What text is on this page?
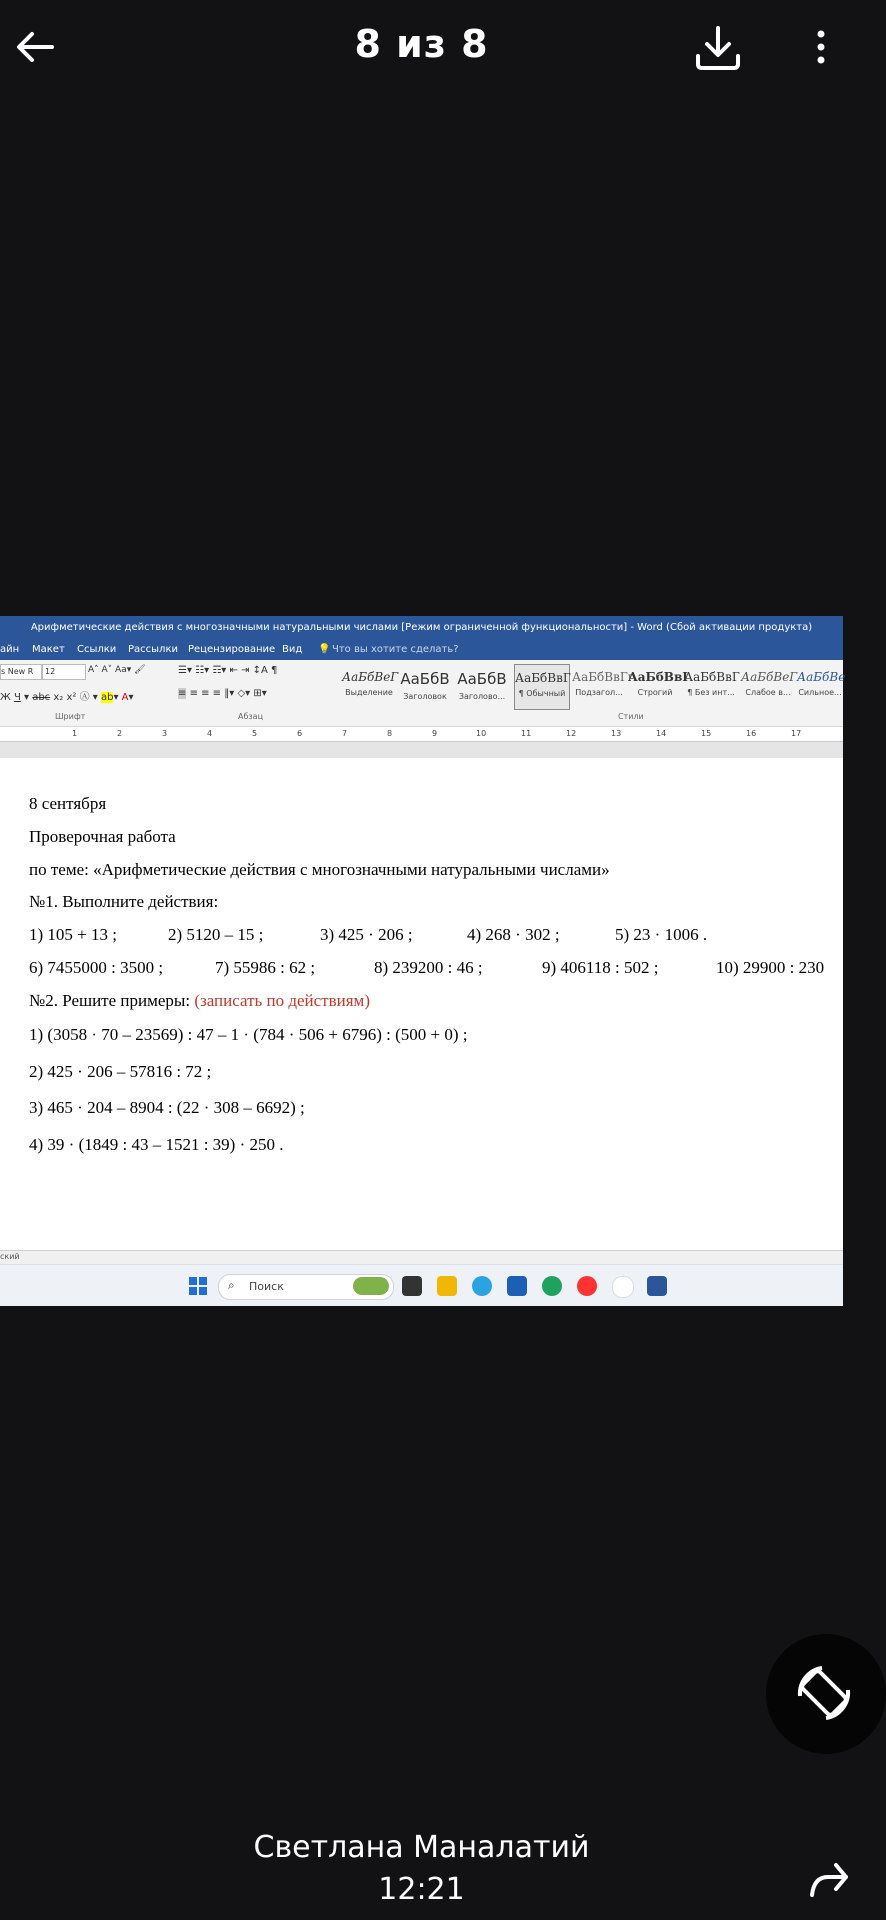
8 из 8
Арифметические действия с многозначными натуральными числами [Режим ограниченной функциональности] - Word (Сбой активации продукта)
айн Макет Ссылки Рассылки Рецензирование Вид 💡 Что вы хотите сделать?
s New R	12	A˄ A˅ Aa▾ 🖌
Ж Ч ▾ abc x₂ x² Ⓐ ▾ ab▾ A▾
Шрифт
☰▾ ☷▾ ☶▾ ⇤ ⇥ ↕A ¶
≡ ≡ ≡ ≡ ‖▾ ◇▾ ⊞▾
Абзац
АаБбВеГ
Выделение
АаБбВ
Заголовок
АаБбВ
Заголово...
АаБбВвГ
¶ Обычный
АаБбВвГг
Подзагол...
АаБбВвI
Строгий
АаБбВвГ
¶ Без инт...
АаБбВеГ
Слабое в...
АаБбВе
Сильное...
Стили
1	2	3	4	5	6	7	8	9	10	11	12	13	14	15	16	17
8 сентября
Проверочная работа
по теме: «Арифметические действия с многозначными натуральными числами»
№1. Выполните действия:
1) 105 + 13 ;	2) 5120 – 15 ;	3) 425 · 206 ;	4) 268 · 302 ;	5) 23 · 1006 .
6) 7455000 : 3500 ;	7) 55986 : 62 ;	8) 239200 : 46 ;	9) 406118 : 502 ;	10) 29900 : 230
№2. Решите примеры: (записать по действиям)
1) (3058 · 70 – 23569) : 47 – 1 · (784 · 506 + 6796) : (500 + 0) ;
2) 425 · 206 – 57816 : 72 ;
3) 465 · 204 – 8904 : (22 · 308 – 6692) ;
4) 39 · (1849 : 43 – 1521 : 39) · 250 .
ский
⌕ Поиск
Светлана Маналатий
12:21
